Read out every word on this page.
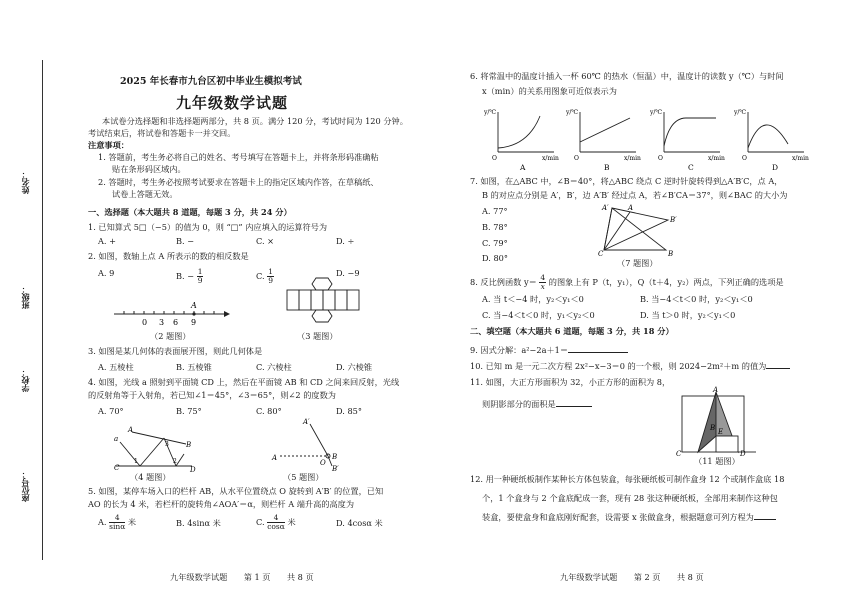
姓名：
班级：
学校：
座位号：
2025 年长春市九台区初中毕业生模拟考试
九年级数学试题
本试卷分选择题和非选择题两部分，共 8 页。满分 120 分，考试时间为 120 分钟。
考试结束后，将试卷和答题卡一并交回。
注意事项：
1. 答题前，考生务必将自己的姓名、考号填写在答题卡上，并将条形码准确粘
贴在条形码区域内。
2. 答题时，考生务必按照考试要求在答题卡上的指定区域内作答，在草稿纸、
试卷上答题无效。
一、选择题（本大题共 8 道题，每题 3 分，共 24 分）
1. 已知算式 5□（−5）的值为 0，则 “□” 内应填入的运算符号为
A. +	B. −	C. ×	D. ÷
2. 如图，数轴上点 A 所表示的数的相反数是
A. 9	B. − $\frac{1}{9}$	C. $\frac{1}{9}$	D. −9
A
0 3 6 9
（2 题图）	（3 题图）
3. 如图是某几何体的表面展开图，则此几何体是
A. 五棱柱	B. 五棱锥	C. 六棱柱	D. 六棱锥
4. 如图，光线 a 照射到平面镜 CD 上，然后在平面镜 AB 和 CD 之间来回反射，光线
的反射角等于入射角，若已知∠1＝45°，∠3＝65°，则∠2 的度数为
A. 70°	B. 75°	C. 80°	D. 85°
a
A
B
C	D
1	2
3
（4 题图）
A′
A
O
B
B′
（5 题图）
5. 如图，某停车场入口的栏杆 AB，从水平位置绕点 O 旋转到 A′B′ 的位置，已知
AO 的长为 4 米，若栏杆的旋转角∠AOA′＝α，则栏杆 A 端升高的高度为
A. $\frac{4}{\sin\alpha}$ 米	B. 4sinα 米	C. $\frac{4}{\cos\alpha}$ 米	D. 4cosα 米
九年级数学试题　　第 1 页　　共 8 页
6. 将常温中的温度计插入一杯 60℃ 的热水（恒温）中，温度计的读数 y（℃）与时间
x（min）的关系用图象可近似表示为
y/℃
x/min
O
y/℃
x/min
O
y/℃
x/min
O
y/℃
x/min
O
A	B	C	D
7. 如图，在△ABC 中，∠B＝40°，将△ABC 绕点 C 逆时针旋转得到△A′B′C，点 A，
B 的对应点分别是 A′，B′，边 A′B′ 经过点 A，若∠B′CA＝37°，则∠BAC 的大小为
A. 77°
B. 78°
C. 79°
D. 80°
A′	A
B′
C	B
（7 题图）
8. 反比例函数 $y= \frac{4}{x}$ 的图象上有 P（t，y₁），Q（t＋4，y₂）两点，下列正确的选项是
A. 当 t＜−4 时，y₂＜y₁＜0	B. 当−4＜t＜0 时，y₂＜y₁＜0
C. 当−4＜t＜0 时，y₁＜y₂＜0	D. 当 t＞0 时，y₂＜y₁＜0
二、填空题（本大题共 6 道题，每题 3 分，共 18 分）
9. 因式分解：a²−2a＋1＝
10. 已知 m 是一元二次方程 2x²−x−3＝0 的一个根，则 2024−2m²＋m 的值为
11. 如图，大正方形面积为 32，小正方形的面积为 8，
则阴影部分的面积是
A
B
C	D
E
（11 题图）
12. 用一种硬纸板制作某种长方体包装盒，每张硬纸板可制作盒身 12 个或制作盒底 18
个，1 个盒身与 2 个盒底配成一套，现有 28 张这种硬纸板，全部用来制作这种包
装盒，要使盒身和盒底刚好配套，设需要 x 张做盒身，根据题意可列方程为
九年级数学试题　　第 2 页　　共 8 页
